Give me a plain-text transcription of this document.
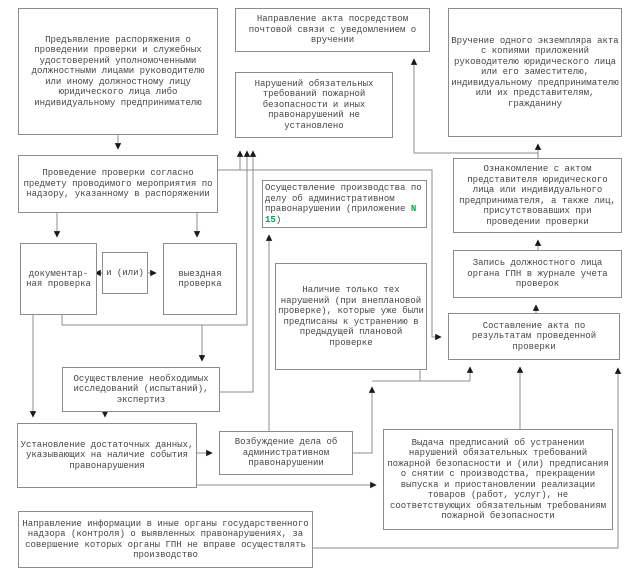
Предъявление распоряжения о проведении проверки и служебных удостоверений уполномоченными должностными лицами руководителю или иному должностному лицу юридического лица либо индивидуальному предпринимателю
Направление акта посредством почтовой связи с уведомлением о вручении	Вручение одного экземпляра акта с копиями приложений руководителю юридического лица или его заместителю, индивидуальному предпринимателю или их представителям, гражданину
Проведение проверки согласно предмету проводимого мероприятия по надзору, указанному в распоряжении
Нарушений обязательных требований пожарной безопасности и иных правонарушений не установлено
Осуществление производства по делу об административном правонарушении (приложение N 15)
Ознакомление с актом представителя юридического лица или индивидуального предпринимателя, а также лиц, присутствовавших при проведении проверки
Запись должностного лица органа ГПН в журнале учета проверок
Составление акта по результатам проведенной проверки
Наличие только тех нарушений (при внеплановой проверке), которые уже были предписаны к устранению в предыдущей плановой проверке
документар-ная проверка
и (или)	выездная проверка
Осуществление необходимых исследований (испытаний), экспертиз
Установление достаточных данных, указывающих на наличие события правонарушения
Возбуждение дела об административном правонарушении
Выдача предписаний об устранении нарушений обязательных требований пожарной безопасности и (или) предписания о снятии с производства, прекращении выпуска и приостановлении реализации товаров (работ, услуг), не соответствующих обязательным требованиям пожарной безопасности
Направление информации в иные органы государственного надзора (контроля) о выявленных правонарушениях, за совершение которых органы ГПН не вправе осуществлять производство
